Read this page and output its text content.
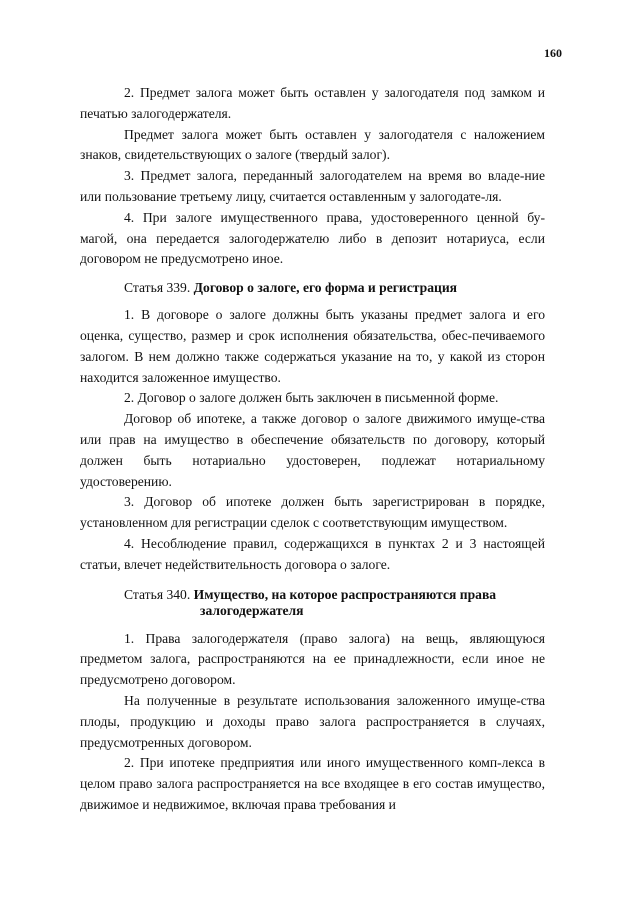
160

2. Предмет залога может быть оставлен у залогодателя под замком и печатью залогодержателя.

Предмет залога может быть оставлен у залогодателя с наложением знаков, свидетельствующих о залоге (твердый залог).

3. Предмет залога, переданный залогодателем на время во владе-ние или пользование третьему лицу, считается оставленным у залогодате-ля.

4. При залоге имущественного права, удостоверенного ценной бу-магой, она передается залогодержателю либо в депозит нотариуса, если договором не предусмотрено иное.

Статья 339. Договор о залоге, его форма и регистрация

1. В договоре о залоге должны быть указаны предмет залога и его оценка, существо, размер и срок исполнения обязательства, обес-печиваемого залогом. В нем должно также содержаться указание на то, у какой из сторон находится заложенное имущество.

2. Договор о залоге должен быть заключен в письменной форме.

Договор об ипотеке, а также договор о залоге движимого имуще-ства или прав на имущество в обеспечение обязательств по договору, который должен быть нотариально удостоверен, подлежат нотариальному удостоверению.

3. Договор об ипотеке должен быть зарегистрирован в порядке, установленном для регистрации сделок с соответствующим имуществом.

4. Несоблюдение правил, содержащихся в пунктах 2 и 3 настоящей статьи, влечет недействительность договора о залоге.

Статья 340. Имущество, на которое распространяются права
залогодержателя

1. Права залогодержателя (право залога) на вещь, являющуюся предметом залога, распространяются на ее принадлежности, если иное не предусмотрено договором.

На полученные в результате использования заложенного имуще-ства плоды, продукцию и доходы право залога распространяется в случаях, предусмотренных договором.

2. При ипотеке предприятия или иного имущественного комп-лекса в целом право залога распространяется на все входящее в его состав имущество, движимое и недвижимое, включая права требования и
